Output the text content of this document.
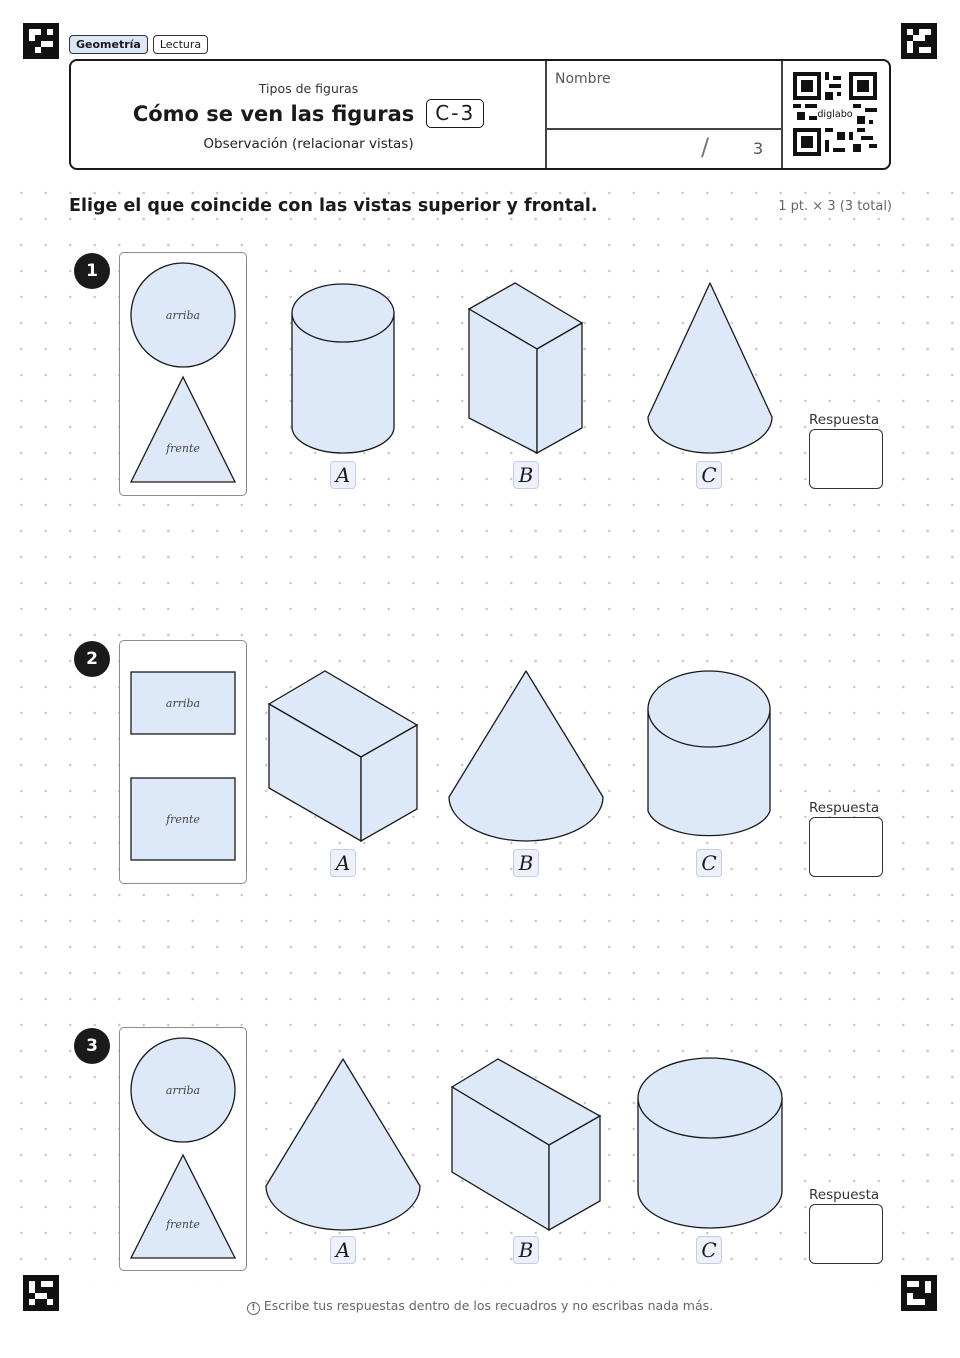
Geometría	Lectura
Tipos de figuras
Cómo se ven las figuras	C-3
Observación (relacionar vistas)
Nombre
/	3
diglabo
Elige el que coincide con las vistas superior y frontal.	1 pt. × 3 (3 total)
1
arriba
frente
A	B	C
Respuesta
2
arriba
frente
A	B	C
Respuesta
3
arriba
frente
A	B	C
Respuesta
! Escribe tus respuestas dentro de los recuadros y no escribas nada más.
